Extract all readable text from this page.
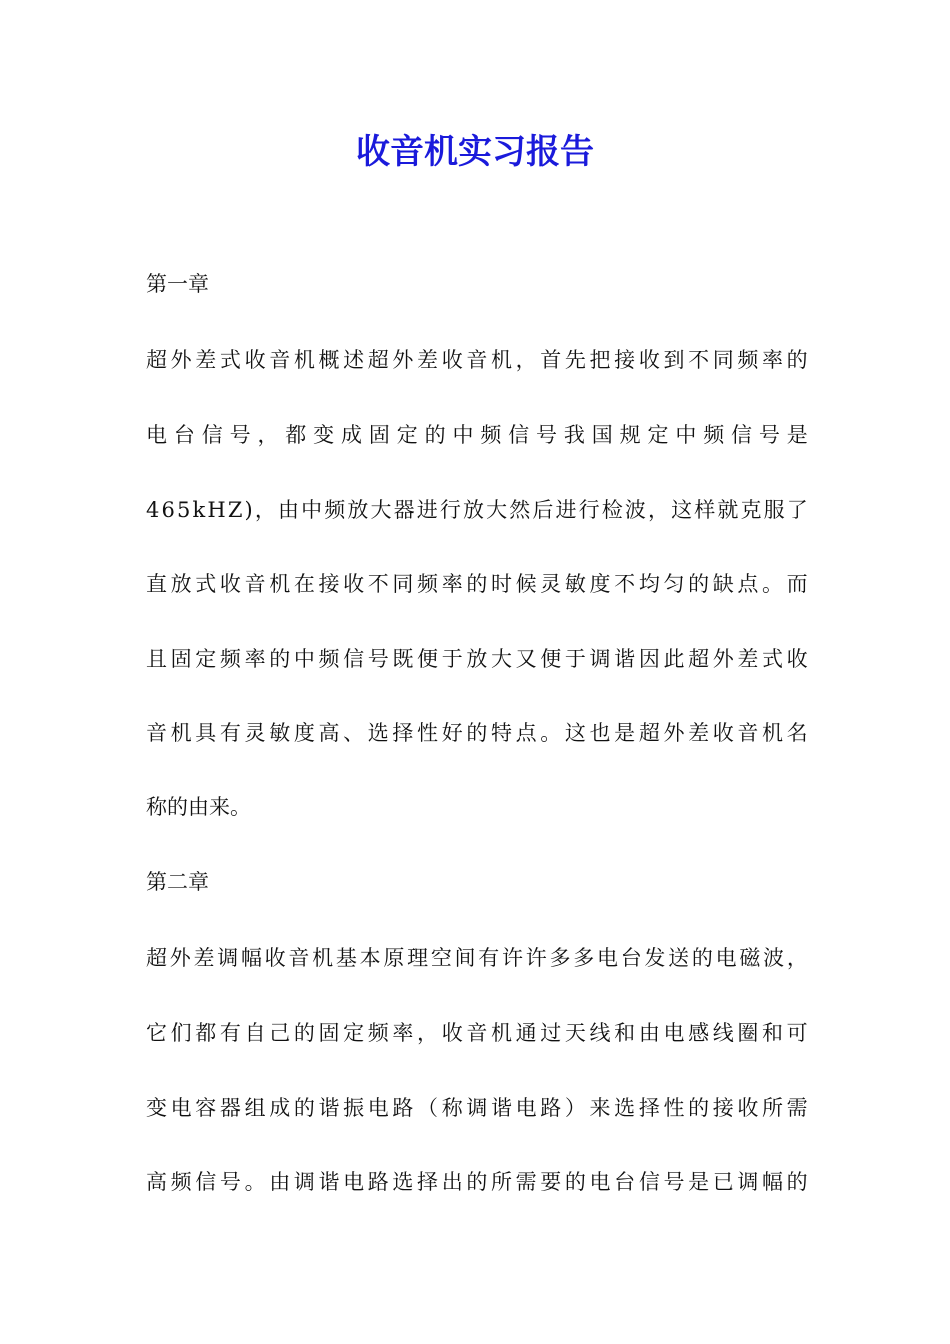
收音机实习报告
第一章
超 外 差 式 收 音 机 概 述 超 外 差 收 音 机 ， 首 先 把 接 收 到 不 同 频 率 的
电 台 信 号 ， 都 变 成 固 定 的 中 频 信 号 我 国 规 定 中 频 信 号 是
4 6 5 k H Z ) ， 由 中 频 放 大 器 进 行 放 大 然 后 进 行 检 波 ， 这 样 就 克 服 了
直 放 式 收 音 机 在 接 收 不 同 频 率 的 时 候 灵 敏 度 不 均 匀 的 缺 点 。 而
且 固 定 频 率 的 中 频 信 号 既 便 于 放 大 又 便 于 调 谐 因 此 超 外 差 式 收
音 机 具 有 灵 敏 度 高 、 选 择 性 好 的 特 点 。 这 也 是 超 外 差 收 音 机 名
称的由来。
第二章
超 外 差 调 幅 收 音 机 基 本 原 理 空 间 有 许 许 多 多 电 台 发 送 的 电 磁 波 ，
它 们 都 有 自 己 的 固 定 频 率 ， 收 音 机 通 过 天 线 和 由 电 感 线 圈 和 可
变 电 容 器 组 成 的 谐 振 电 路 （ 称 调 谐 电 路 ） 来 选 择 性 的 接 收 所 需
高 频 信 号 。 由 调 谐 电 路 选 择 出 的 所 需 要 的 电 台 信 号 是 已 调 幅 的
